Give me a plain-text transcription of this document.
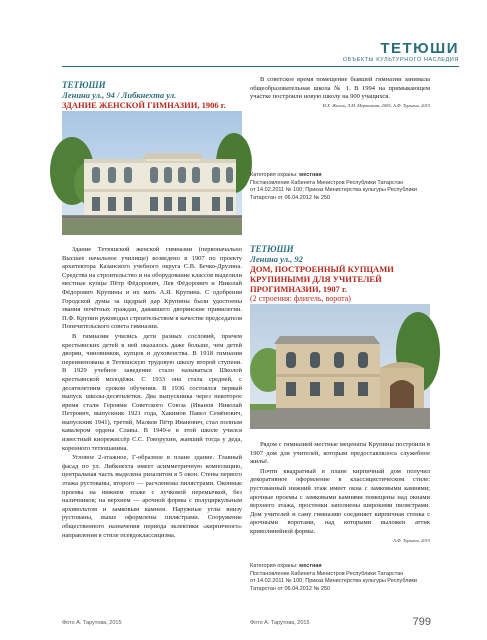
ТЕТЮШИ
ОБЪЕКТЫ КУЛЬТУРНОГО НАСЛЕДИЯ
ТЕТЮШИ
Ленина ул., 94 / Либкнехта ул.
ЗДАНИЕ ЖЕНСКОЙ ГИМНАЗИИ, 1906 г.

Здание Тетюшской женской гимназии (первоначально Высшее начальное училище) возведено в 1907 по проекту архитектора Казанского учебного округа С.В. Бечко-Друзина. Средства на строительство и на оборудование классов выделили местные купцы Пётр Фёдорович, Лев Фёдорович и Николай Фёдорович Крупины и их мать А.Я. Крупина. С одобрения Городской думы за щедрый дар Крупины были удостоены звания почётных граждан, дававшего дворянские привилегии. П.Ф. Крупин руководил строительством в качестве председателя Попечительского совета гимназии.

В гимназии учились дети разных сословий, причем крестьянских детей в ней оказалось даже больше, чем детей дворян, чиновников, купцов и духовенства. В 1918 гимназия переименована в Тетюшскую трудовую школу второй ступени. В 1929 учебное заведение стало называться Школой крестьянской молодёжи. С 1933 она стала средней, с десятилетним сроком обучения. В 1936 состоялся первый выпуск школы-десятилетки. Два выпускника через некоторое время стали Героями Советского Союза (Иванов Николай Петрович, выпускник 1921 года, Хакимов Павел Семёнович, выпускник 1941), третий, Малков Пётр Иванович, стал полным кавалером ордена Славы. В 1949-е в этой школе учился известный киорежиссёр С.С. Говорухин, жанший тогда у деда, коренного тетюшанина.

Угловое 2-этажное, Г-образное в плане здание. Главный фасад по ул. Либкнехта имеет асимметричную композицию, центральная часть выделена ризалитом в 5 окон. Стены первого этажа рустованы, второго — расчленены пилястрами. Оконные проемы на нижнем этаже с лучковой перемычкой, без наличников; на верхнем — арочной формы с полуциркульным архивольтом и замковым камнем. Наружные углы внизу рустованы, выше оформлены пилястрами. Сооружение общественного назначения периода эклектики «кирпичного» направления в стиле псевдоклассицизма.

В советское время помещение бывшей гимназии занимала общеобразовательная школа № 1. В 1994 на примыкающем участке построили новую школу на 900 учащихся.

Н.Х. Жилин, Л.М. Мертинова, 2005; А.Ф. Турыгин, 2015
Категория охраны: местная
Постановление Кабинета Министров Республики Татарстан
от 14.02.2011 № 100; Приказ Министерства культуры Республики
Татарстан от 06.04.2012 № 250
ТЕТЮШИ
Ленина ул., 92
ДОМ, ПОСТРОЕННЫЙ КУПЦАМИ
КРУПИНЫМИ ДЛЯ УЧИТЕЛЕЙ
ПРОГИМНАЗИИ, 1907 г.
(2 строения: флигель, ворота)

Рядом с гимназией местные меценаты Крупины построили в 1907 дом для учителей, которым предоставлялось служебное жильё.

Почти квадратный в плане кирпичный дом получил декоративное оформление в классицистическом стиле: рустованный нижний этаж имеет окна с замковыми камнями; арочные проемы с замковыми камнями помещены над окнами верхнего этажа, простенки заполнены широкими пилястрами. Дом учителей и саму гимназию соединяет кирпичная стенка с арочными воротами, над которыми выложен аттик криволинейной формы.

А.Ф. Турыгин, 2015
Категория охраны: местная
Постановление Кабинета Министров Республики Татарстан
от 14.02.2011 № 100; Приказ Министерства культуры Республики
Татарстан от 06.04.2012 № 250
Фото А. Тарутова, 2015	Фото А. Тарутова, 2015	799
